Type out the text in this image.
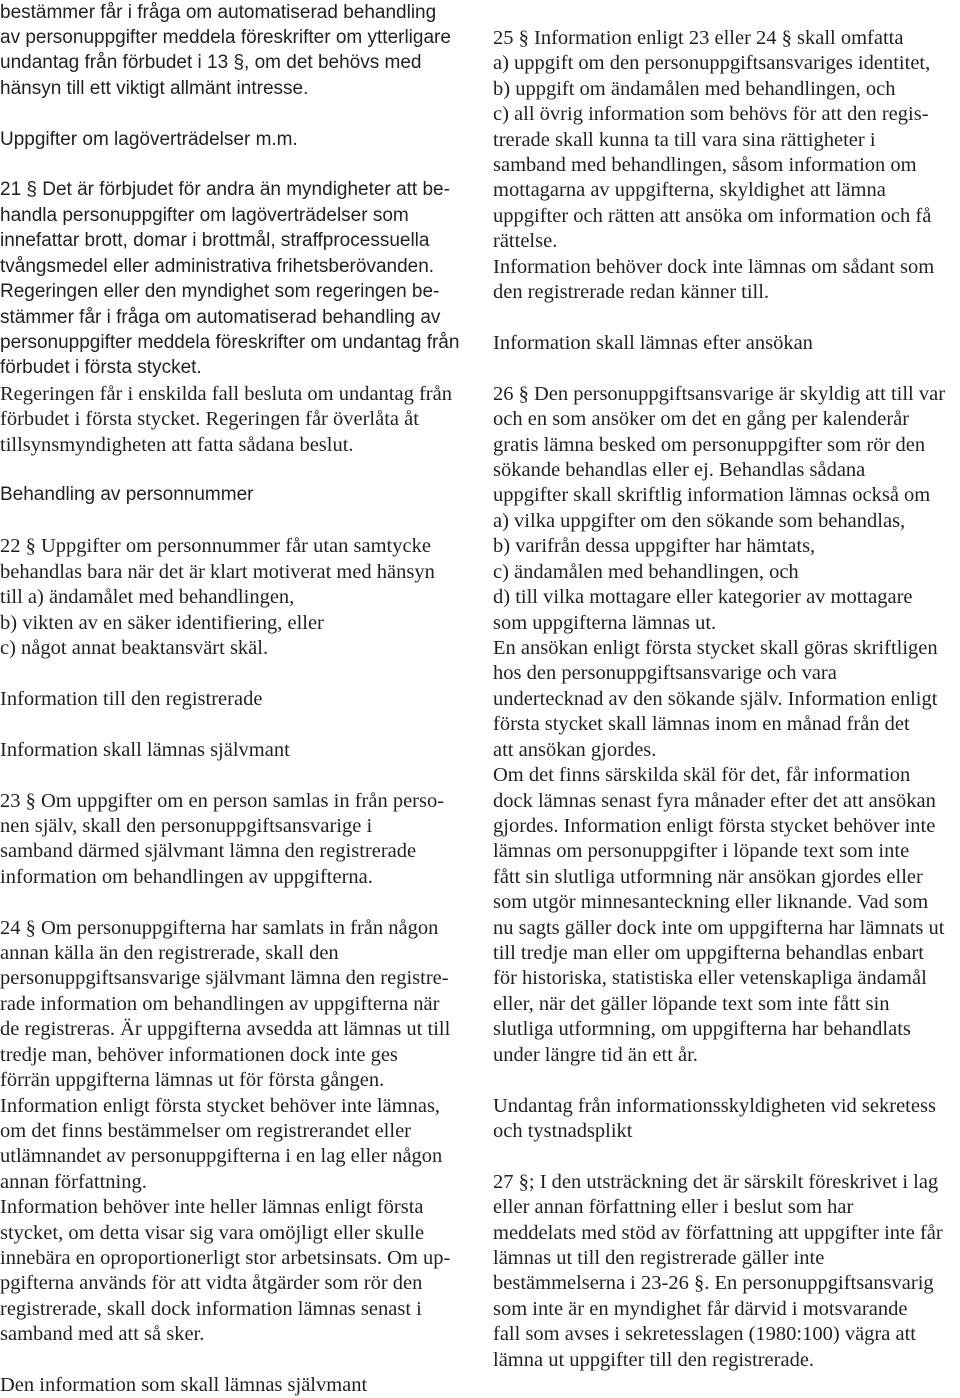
bestämmer får i fråga om automatiserad behandling
av personuppgifter meddela föreskrifter om ytterligare
undantag från förbudet i 13 §, om det behövs med
hänsyn till ett viktigt allmänt intresse.
Uppgifter om lagöverträdelser m.m.
21 § Det är förbjudet för andra än myndigheter att be-
handla personuppgifter om lagöverträdelser som
innefattar brott, domar i brottmål, straffprocessuella
tvångsmedel eller administrativa frihetsberövanden.
Regeringen eller den myndighet som regeringen be-
stämmer får i fråga om automatiserad behandling av
personuppgifter meddela föreskrifter om undantag från
förbudet i första stycket.
Regeringen får i enskilda fall besluta om undantag från
förbudet i första stycket. Regeringen får överlåta åt
tillsynsmyndigheten att fatta sådana beslut.
Behandling av personnummer
22 § Uppgifter om personnummer får utan samtycke
behandlas bara när det är klart motiverat med hänsyn
till a) ändamålet med behandlingen,
b) vikten av en säker identifiering, eller
c) något annat beaktansvärt skäl.
Information till den registrerade
Information skall lämnas självmant
23 § Om uppgifter om en person samlas in från perso-
nen själv, skall den personuppgiftsansvarige i
samband därmed självmant lämna den registrerade
information om behandlingen av uppgifterna.
24 § Om personuppgifterna har samlats in från någon
annan källa än den registrerade, skall den
personuppgiftsansvarige självmant lämna den registre-
rade information om behandlingen av uppgifterna när
de registreras. Är uppgifterna avsedda att lämnas ut till
tredje man, behöver informationen dock inte ges
förrän uppgifterna lämnas ut för första gången.
Information enligt första stycket behöver inte lämnas,
om det finns bestämmelser om registrerandet eller
utlämnandet av personuppgifterna i en lag eller någon
annan författning.
Information behöver inte heller lämnas enligt första
stycket, om detta visar sig vara omöjligt eller skulle
innebära en oproportionerligt stor arbetsinsats. Om up-
pgifterna används för att vidta åtgärder som rör den
registrerade, skall dock information lämnas senast i
samband med att så sker.
Den information som skall lämnas självmant
25 § Information enligt 23 eller 24 § skall omfatta
a) uppgift om den personuppgiftsansvariges identitet,
b) uppgift om ändamålen med behandlingen, och
c) all övrig information som behövs för att den regis-
trerade skall kunna ta till vara sina rättigheter i
samband med behandlingen, såsom information om
mottagarna av uppgifterna, skyldighet att lämna
uppgifter och rätten att ansöka om information och få
rättelse.
Information behöver dock inte lämnas om sådant som
den registrerade redan känner till.
Information skall lämnas efter ansökan
26 § Den personuppgiftsansvarige är skyldig att till var
och en som ansöker om det en gång per kalenderår
gratis lämna besked om personuppgifter som rör den
sökande behandlas eller ej. Behandlas sådana
uppgifter skall skriftlig information lämnas också om
a) vilka uppgifter om den sökande som behandlas,
b) varifrån dessa uppgifter har hämtats,
c) ändamålen med behandlingen, och
d) till vilka mottagare eller kategorier av mottagare
som uppgifterna lämnas ut.
En ansökan enligt första stycket skall göras skriftligen
hos den personuppgiftsansvarige och vara
undertecknad av den sökande själv. Information enligt
första stycket skall lämnas inom en månad från det
att ansökan gjordes.
Om det finns särskilda skäl för det, får information
dock lämnas senast fyra månader efter det att ansökan
gjordes. Information enligt första stycket behöver inte
lämnas om personuppgifter i löpande text som inte
fått sin slutliga utformning när ansökan gjordes eller
som utgör minnesanteckning eller liknande. Vad som
nu sagts gäller dock inte om uppgifterna har lämnats ut
till tredje man eller om uppgifterna behandlas enbart
för historiska, statistiska eller vetenskapliga ändamål
eller, när det gäller löpande text som inte fått sin
slutliga utformning, om uppgifterna har behandlats
under längre tid än ett år.
Undantag från informationsskyldigheten vid sekretess
och tystnadsplikt
27 §; I den utsträckning det är särskilt föreskrivet i lag
eller annan författning eller i beslut som har
meddelats med stöd av författning att uppgifter inte får
lämnas ut till den registrerade gäller inte
bestämmelserna i 23-26 §. En personuppgiftsansvarig
som inte är en myndighet får därvid i motsvarande
fall som avses i sekretesslagen (1980:100) vägra att
lämna ut uppgifter till den registrerade.
